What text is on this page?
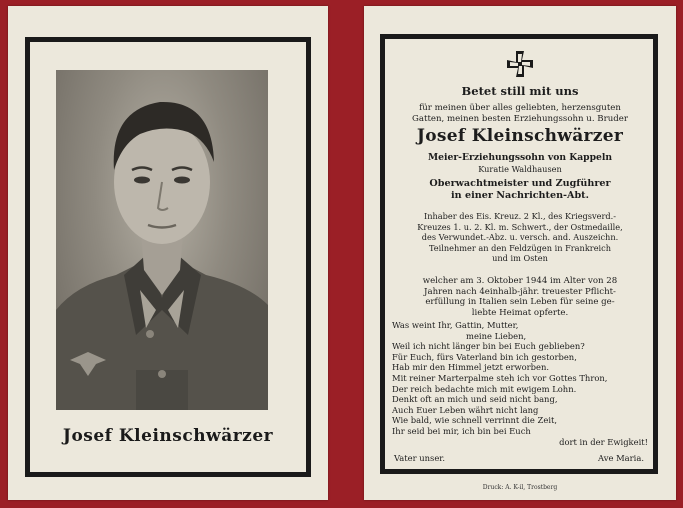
Josef Kleinschwärzer
Betet still mit uns
für meinen über alles geliebten, herzensguten
Gatten, meinen besten Erziehungssohn u. Bruder
Josef Kleinschwärzer
Meier-Erziehungssohn von Kappeln
Kuratie Waldhausen
Oberwachtmeister und Zugführer
in einer Nachrichten-Abt.
Inhaber des Eis. Kreuz. 2 Kl., des Kriegsverd.-
Kreuzes 1. u. 2. Kl. m. Schwert., der Ostmedaille,
des Verwundet.-Abz. u. versch. and. Auszeichn.
Teilnehmer an den Feldzügen in Frankreich
und im Osten
welcher am 3. Oktober 1944 im Alter von 28
Jahren nach 4einhalb-jähr. treuester Pflicht-
erfüllung in Italien sein Leben für seine ge-
liebte Heimat opferte.
Was weint Ihr, Gattin, Mutter,
meine Lieben,
Weil ich nicht länger bin bei Euch geblieben?
Für Euch, fürs Vaterland bin ich gestorben,
Hab mir den Himmel jetzt erworben.
Mit reiner Marterpalme steh ich vor Gottes Thron,
Der reich bedachte mich mit ewigem Lohn.
Denkt oft an mich und seid nicht bang,
Auch Euer Leben währt nicht lang
Wie bald, wie schnell verrinnt die Zeit,
Ihr seid bei mir, ich bin bei Euch
dort in der Ewigkeit!
Vater unser.	Ave Maria.
Druck: A. K-il, Trostberg
